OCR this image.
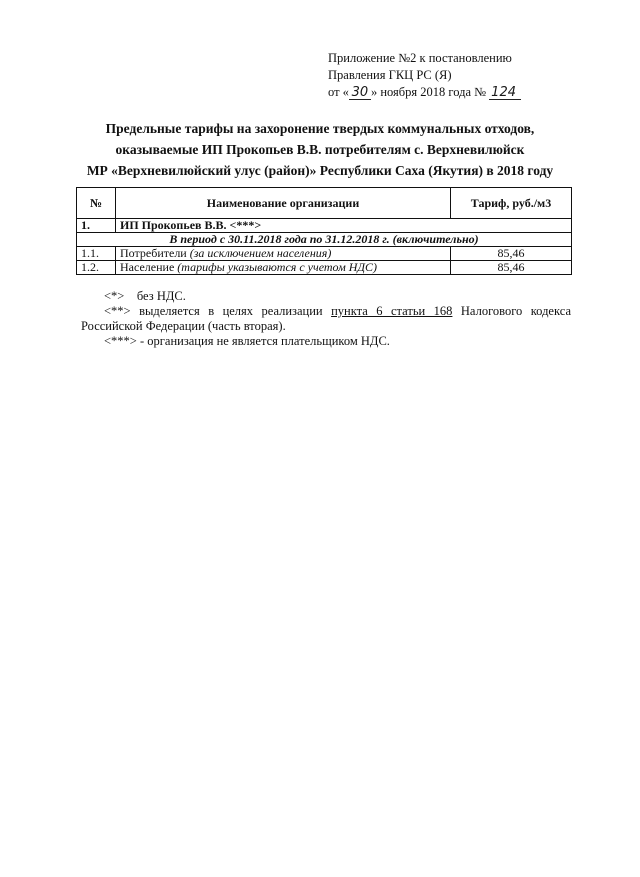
Приложение №2 к постановлению
Правления ГКЦ РС (Я)
от « 30 » ноября 2018 года № 124
Предельные тарифы на захоронение твердых коммунальных отходов,
оказываемые ИП Прокопьев В.В. потребителям с. Верхневилюйск
МР «Верхневилюйский улус (район)» Республики Саха (Якутия) в 2018 году
№	Наименование организации	Тариф, руб./м3
1.	ИП Прокопьев В.В. <***>	
В период с 30.11.2018 года по 31.12.2018 г. (включительно)		
1.1.	Потребители (за исключением населения)	85,46
1.2.	Население (тарифы указываются с учетом НДС)	85,46

<*> без НДС.

<**> выделяется в целях реализации пункта 6 статьи 168 Налогового кодекса

Российской Федерации (часть вторая).

<***> - организация не является плательщиком НДС.
